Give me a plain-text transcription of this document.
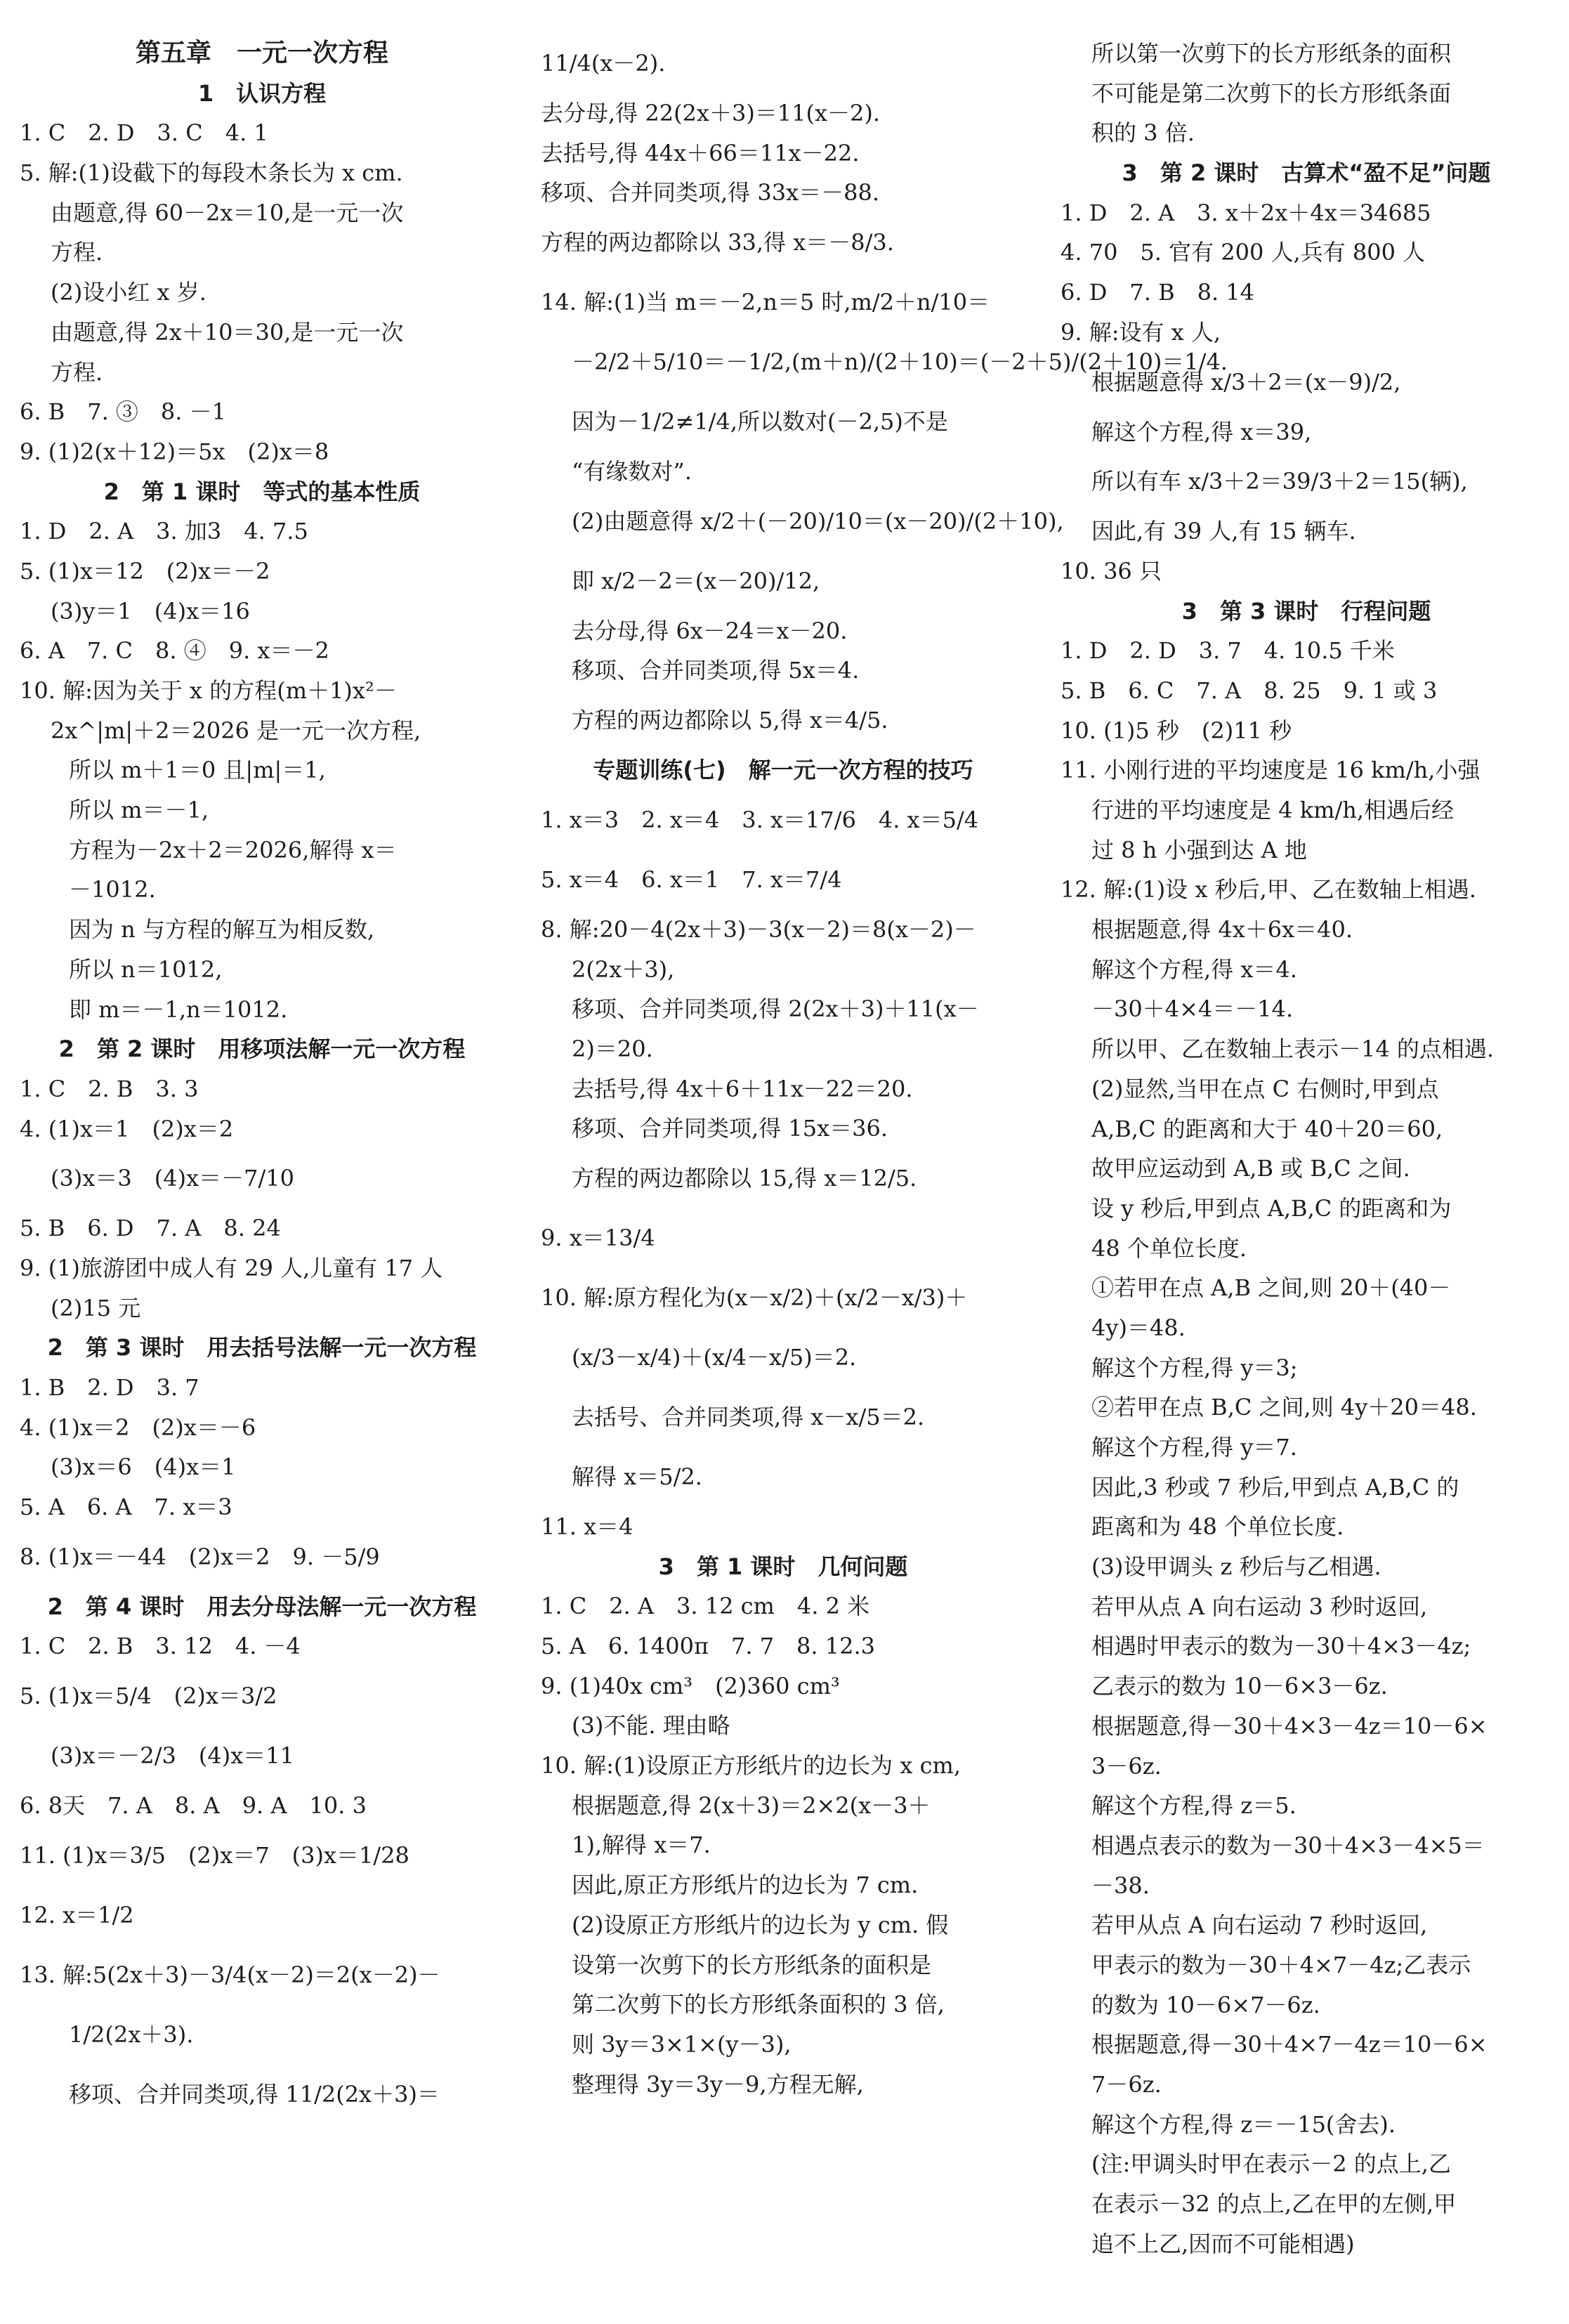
第五章　一元一次方程
1　认识方程
1. C　2. D　3. C　4. 1
5. 解:(1)设截下的每段木条长为 x cm.
由题意,得 60－2x＝10,是一元一次
方程.
(2)设小红 x 岁.
由题意,得 2x＋10＝30,是一元一次
方程.
6. B　7. ③　8. －1
9. (1)2(x＋12)＝5x　(2)x＝8
2　第 1 课时　等式的基本性质
1. D　2. A　3. 加3　4. 7.5
5. (1)x＝12　(2)x＝－2
(3)y＝1　(4)x＝16
6. A　7. C　8. ④　9. x＝－2
10. 解:因为关于 x 的方程(m＋1)x²－
2x^|m|＋2＝2026 是一元一次方程,
所以 m＋1＝0 且|m|＝1,
所以 m＝－1,
方程为－2x＋2＝2026,解得 x＝
－1012.
因为 n 与方程的解互为相反数,
所以 n＝1012,
即 m＝－1,n＝1012.
2　第 2 课时　用移项法解一元一次方程
1. C　2. B　3. 3
4. (1)x＝1　(2)x＝2
(3)x＝3　(4)x＝－7/10
5. B　6. D　7. A　8. 24
9. (1)旅游团中成人有 29 人,儿童有 17 人
(2)15 元
2　第 3 课时　用去括号法解一元一次方程
1. B　2. D　3. 7
4. (1)x＝2　(2)x＝－6
(3)x＝6　(4)x＝1
5. A　6. A　7. x＝3
8. (1)x＝－44　(2)x＝2　9. －5/9
2　第 4 课时　用去分母法解一元一次方程
1. C　2. B　3. 12　4. －4
5. (1)x＝5/4　(2)x＝3/2
(3)x＝－2/3　(4)x＝11
6. 8天　7. A　8. A　9. A　10. 3
11. (1)x＝3/5　(2)x＝7　(3)x＝1/28
12. x＝1/2
13. 解:5(2x＋3)－3/4(x－2)＝2(x－2)－
1/2(2x＋3).
移项、合并同类项,得 11/2(2x＋3)＝
11/4(x－2).
去分母,得 22(2x＋3)＝11(x－2).
去括号,得 44x＋66＝11x－22.
移项、合并同类项,得 33x＝－88.
方程的两边都除以 33,得 x＝－8/3.
14. 解:(1)当 m＝－2,n＝5 时,m/2＋n/10＝
－2/2＋5/10＝－1/2,(m＋n)/(2＋10)＝(－2＋5)/(2＋10)＝1/4.
因为－1/2≠1/4,所以数对(－2,5)不是
“有缘数对”.
(2)由题意得 x/2＋(－20)/10＝(x－20)/(2＋10),
即 x/2－2＝(x－20)/12,
去分母,得 6x－24＝x－20.
移项、合并同类项,得 5x＝4.
方程的两边都除以 5,得 x＝4/5.
专题训练(七)　解一元一次方程的技巧
1. x＝3　2. x＝4　3. x＝17/6　4. x＝5/4
5. x＝4　6. x＝1　7. x＝7/4
8. 解:20－4(2x＋3)－3(x－2)＝8(x－2)－
2(2x＋3),
移项、合并同类项,得 2(2x＋3)＋11(x－
2)＝20.
去括号,得 4x＋6＋11x－22＝20.
移项、合并同类项,得 15x＝36.
方程的两边都除以 15,得 x＝12/5.
9. x＝13/4
10. 解:原方程化为(x－x/2)＋(x/2－x/3)＋
(x/3－x/4)＋(x/4－x/5)＝2.
去括号、合并同类项,得 x－x/5＝2.
解得 x＝5/2.
11. x＝4
3　第 1 课时　几何问题
1. C　2. A　3. 12 cm　4. 2 米
5. A　6. 1400π　7. 7　8. 12.3
9. (1)40x cm³　(2)360 cm³
(3)不能. 理由略
10. 解:(1)设原正方形纸片的边长为 x cm,
根据题意,得 2(x＋3)＝2×2(x－3＋
1),解得 x＝7.
因此,原正方形纸片的边长为 7 cm.
(2)设原正方形纸片的边长为 y cm. 假
设第一次剪下的长方形纸条的面积是
第二次剪下的长方形纸条面积的 3 倍,
则 3y＝3×1×(y－3),
整理得 3y＝3y－9,方程无解,
所以第一次剪下的长方形纸条的面积
不可能是第二次剪下的长方形纸条面
积的 3 倍.
3　第 2 课时　古算术“盈不足”问题
1. D　2. A　3. x＋2x＋4x＝34685
4. 70　5. 官有 200 人,兵有 800 人
6. D　7. B　8. 14
9. 解:设有 x 人,
根据题意得 x/3＋2＝(x－9)/2,
解这个方程,得 x＝39,
所以有车 x/3＋2＝39/3＋2＝15(辆),
因此,有 39 人,有 15 辆车.
10. 36 只
3　第 3 课时　行程问题
1. D　2. D　3. 7　4. 10.5 千米
5. B　6. C　7. A　8. 25　9. 1 或 3
10. (1)5 秒　(2)11 秒
11. 小刚行进的平均速度是 16 km/h,小强
行进的平均速度是 4 km/h,相遇后经
过 8 h 小强到达 A 地
12. 解:(1)设 x 秒后,甲、乙在数轴上相遇.
根据题意,得 4x＋6x＝40.
解这个方程,得 x＝4.
－30＋4×4＝－14.
所以甲、乙在数轴上表示－14 的点相遇.
(2)显然,当甲在点 C 右侧时,甲到点
A,B,C 的距离和大于 40＋20＝60,
故甲应运动到 A,B 或 B,C 之间.
设 y 秒后,甲到点 A,B,C 的距离和为
48 个单位长度.
①若甲在点 A,B 之间,则 20＋(40－
4y)＝48.
解这个方程,得 y＝3;
②若甲在点 B,C 之间,则 4y＋20＝48.
解这个方程,得 y＝7.
因此,3 秒或 7 秒后,甲到点 A,B,C 的
距离和为 48 个单位长度.
(3)设甲调头 z 秒后与乙相遇.
若甲从点 A 向右运动 3 秒时返回,
相遇时甲表示的数为－30＋4×3－4z;
乙表示的数为 10－6×3－6z.
根据题意,得－30＋4×3－4z＝10－6×
3－6z.
解这个方程,得 z＝5.
相遇点表示的数为－30＋4×3－4×5＝
－38.
若甲从点 A 向右运动 7 秒时返回,
甲表示的数为－30＋4×7－4z;乙表示
的数为 10－6×7－6z.
根据题意,得－30＋4×7－4z＝10－6×
7－6z.
解这个方程,得 z＝－15(舍去).
(注:甲调头时甲在表示－2 的点上,乙
在表示－32 的点上,乙在甲的左侧,甲
追不上乙,因而不可能相遇)
